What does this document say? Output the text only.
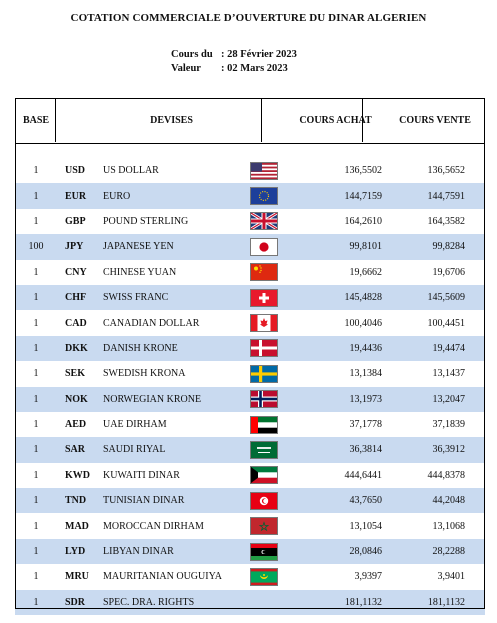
COTATION COMMERCIALE D’OUVERTURE DU DINAR ALGERIEN
Cours du : 28 Février 2023
Valeur	: 02 Mars 2023
BASE	DEVISES			COURS ACHAT	COURS VENTE

1	USD	US DOLLAR		136,5502	136,5652
1	EUR	EURO		144,7159	144,7591
1	GBP	POUND STERLING		164,2610	164,3582
100	JPY	JAPANESE YEN		99,8101	99,8284
1	CNY	CHINESE YUAN		19,6662	19,6706
1	CHF	SWISS FRANC		145,4828	145,5609
1	CAD	CANADIAN DOLLAR		100,4046	100,4451
1	DKK	DANISH KRONE		19,4436	19,4474
1	SEK	SWEDISH KRONA		13,1384	13,1437
1	NOK	NORWEGIAN KRONE		13,1973	13,2047
1	AED	UAE DIRHAM		37,1778	37,1839
1	SAR	SAUDI RIYAL		36,3814	36,3912
1	KWD	KUWAITI DINAR		444,6441	444,8378
1	TND	TUNISIAN DINAR		43,7650	44,2048
1	MAD	MOROCCAN DIRHAM		13,1054	13,1068
1	LYD	LIBYAN DINAR		28,0846	28,2288
1	MRU	MAURITANIAN OUGUIYA		3,9397	3,9401
1	SDR	SPEC. DRA. RIGHTS		181,1132	181,1132
